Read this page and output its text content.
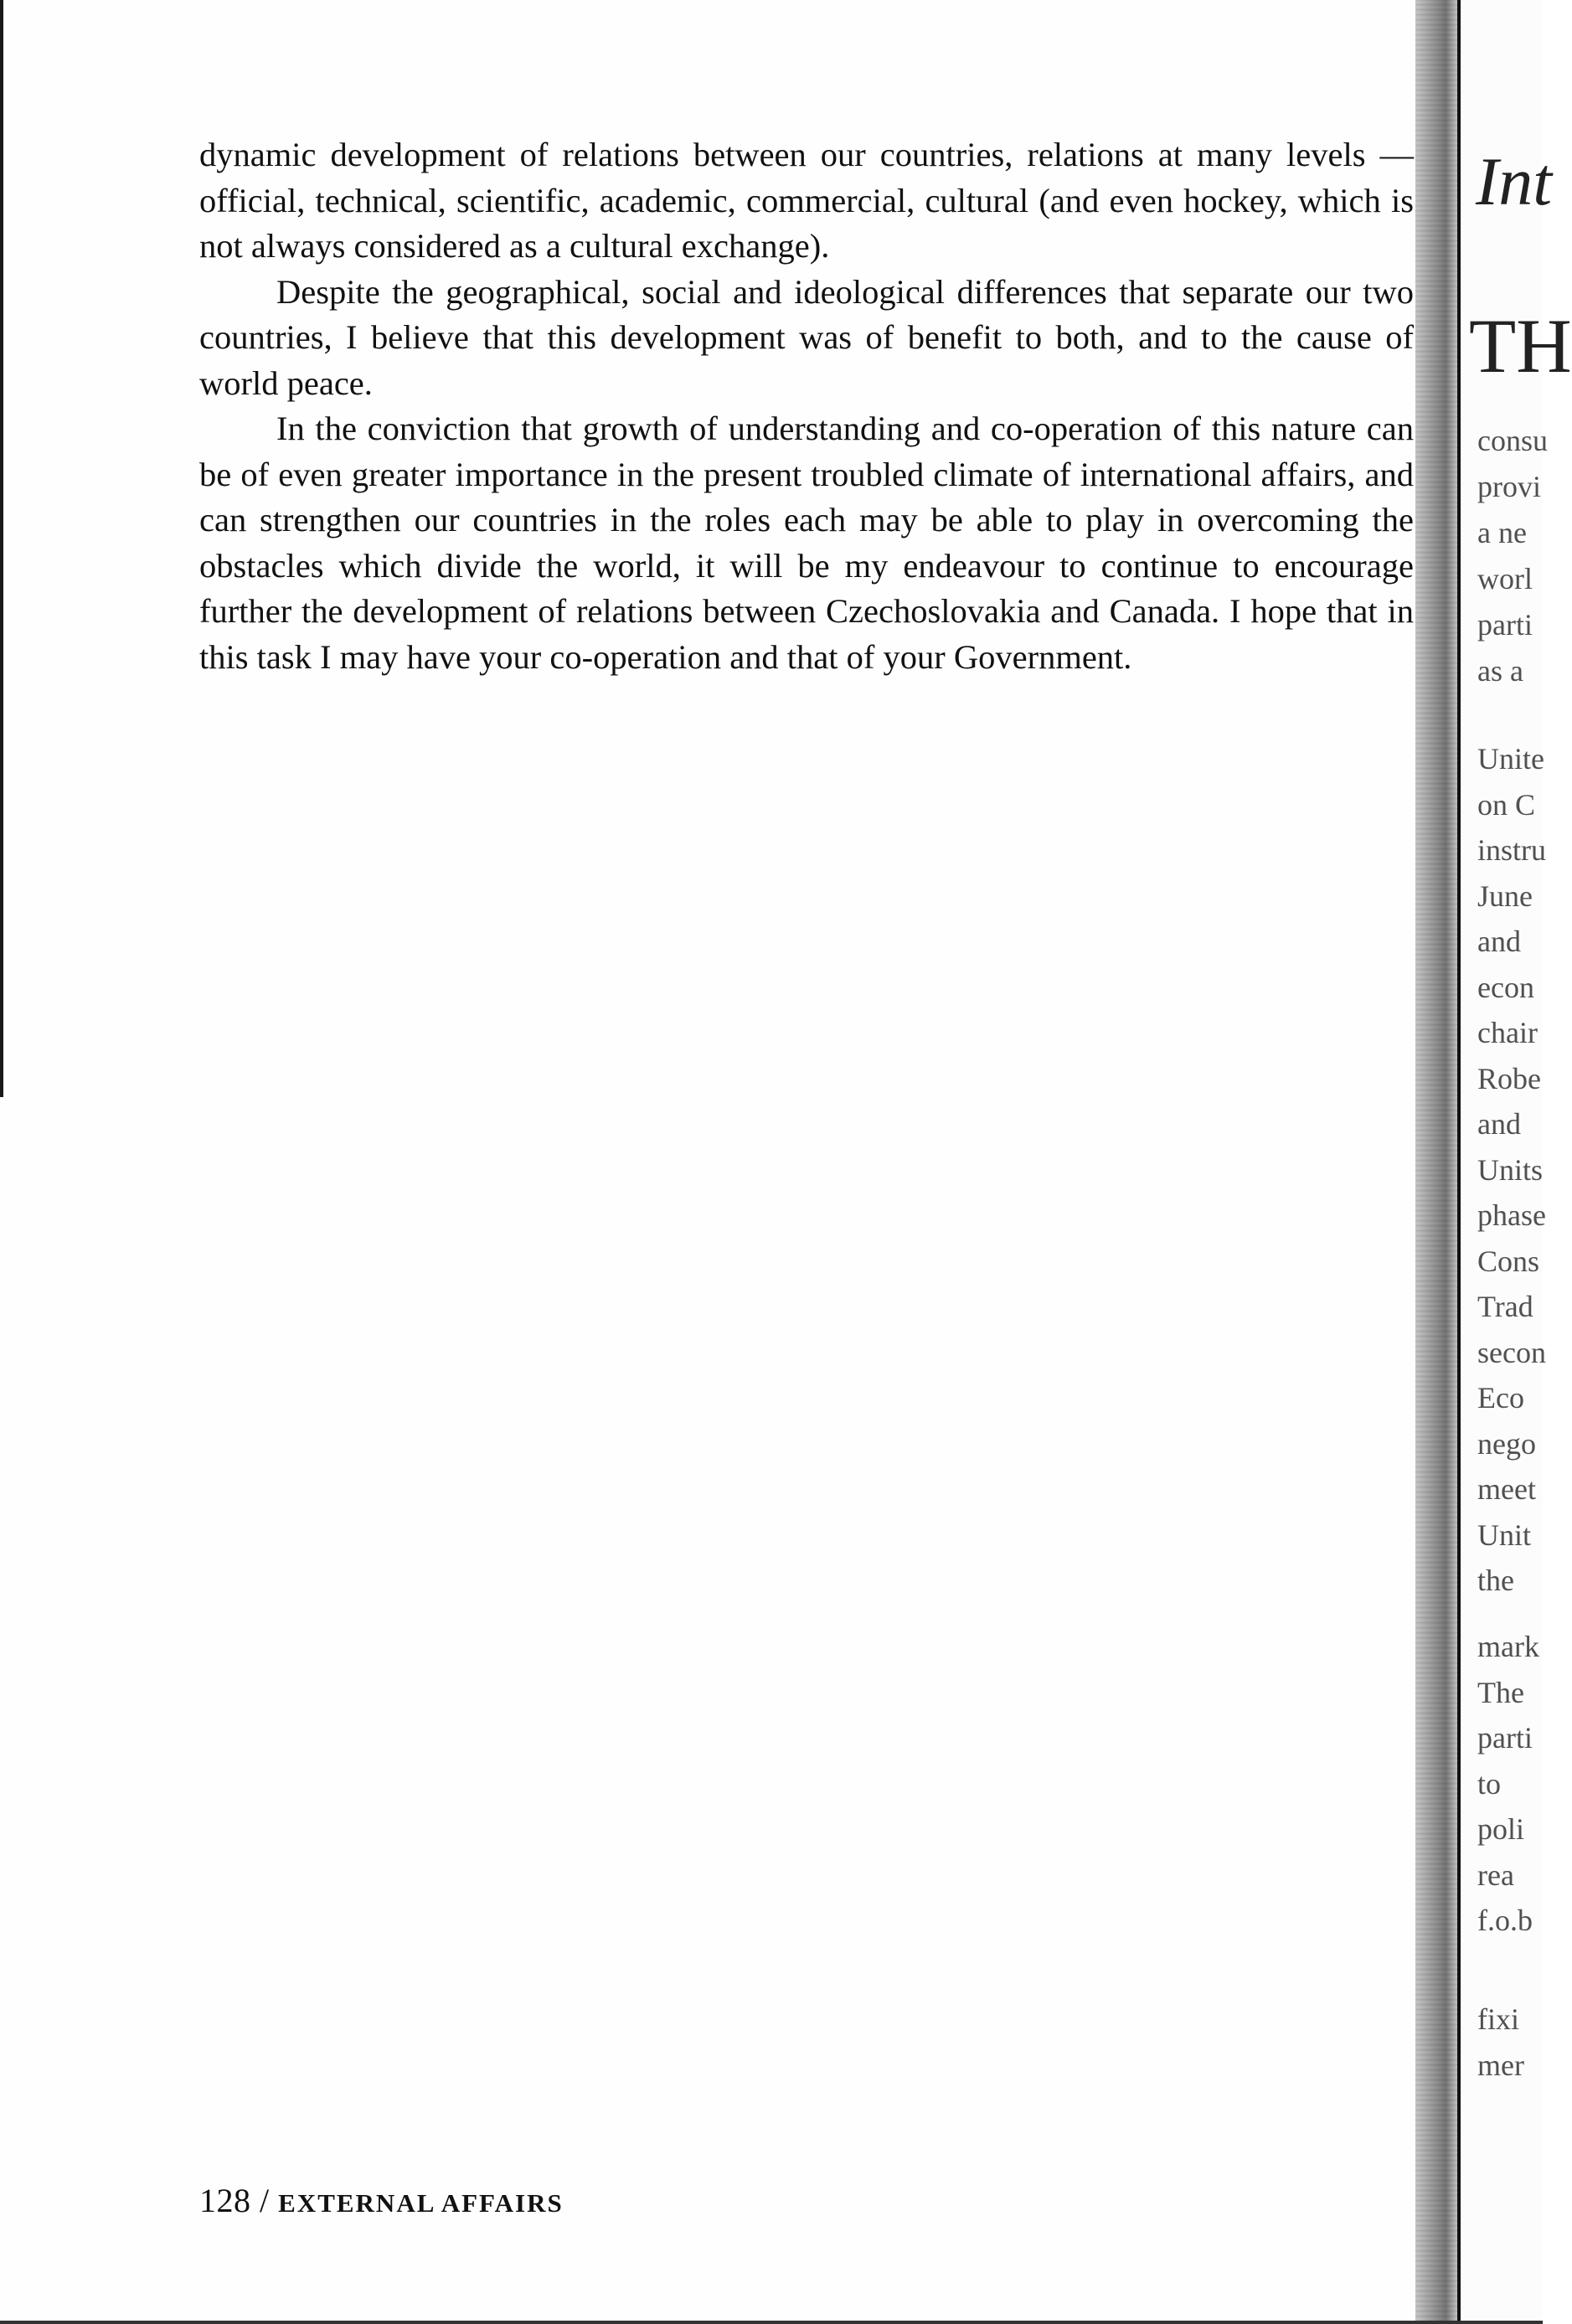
dynamic development of relations between our countries, relations at many levels — official, technical, scientific, academic, commercial, cultural (and even hockey, which is not always considered as a cultural exchange).

Despite the geographical, social and ideological differences that separate our two countries, I believe that this development was of benefit to both, and to the cause of world peace.

In the conviction that growth of understanding and co-operation of this nature can be of even greater importance in the present troubled climate of international affairs, and can strengthen our countries in the roles each may be able to play in overcoming the obstacles which divide the world, it will be my endeavour to continue to encourage further the development of relations between Czechoslovakia and Canada. I hope that in this task I may have your co-operation and that of your Government.

128 / EXTERNAL AFFAIRS
Int
TH
consu
provi
a ne
worl
parti
as a
Unite
on C
instru
June
and
econ
chair
Robe
and
Units
phase
Cons
Trad
secon
Eco
nego
meet
Unit
the
mark
The
parti
to
poli
rea
f.o.b
fixi
mer
